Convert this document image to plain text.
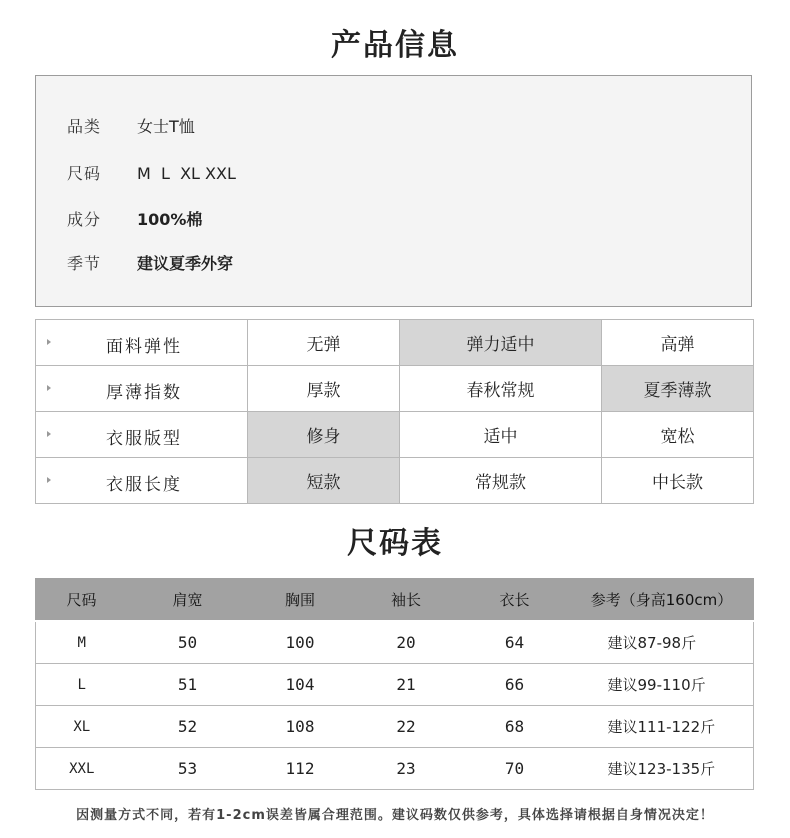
产品信息
品类 女士T恤
尺码 M  L  XL XXL
成分 100%棉
季节 建议夏季外穿
面料弹性	无弹	弹力适中	高弹

厚薄指数	厚款	春秋常规	夏季薄款

衣服版型	修身	适中	宽松

衣服长度	短款	常规款	中长款
尺码表
尺码	肩宽	胸围	袖长	衣长	参考（身高160cm）

M	50	100	20	64	建议87-98斤
L	51	104	21	66	建议99-110斤
XL	52	108	22	68	建议111-122斤
XXL	53	112	23	70	建议123-135斤
因测量方式不同，若有1-2cm误差皆属合理范围。建议码数仅供参考，具体选择请根据自身情况决定！
